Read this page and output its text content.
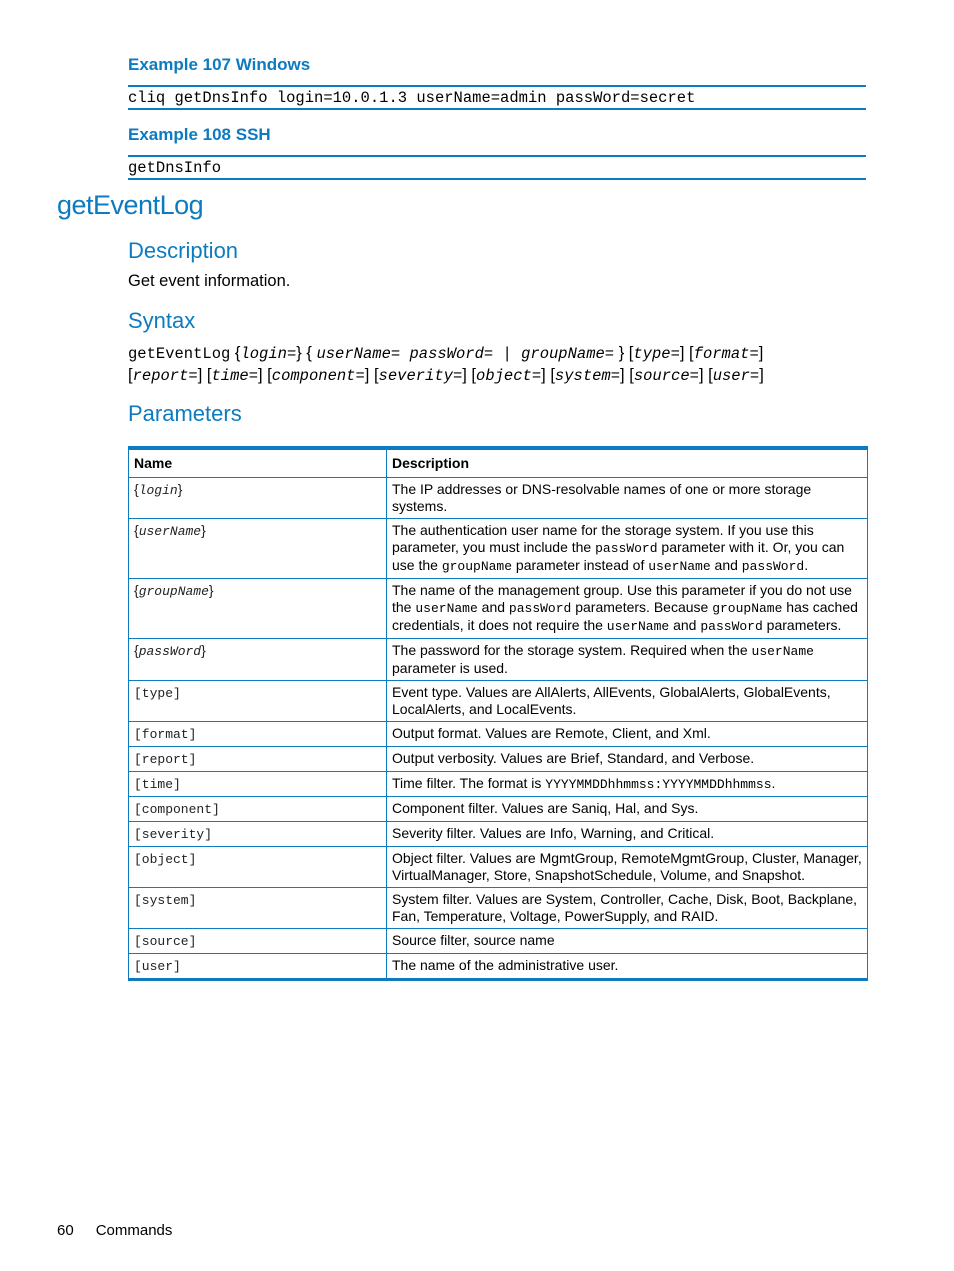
Example 107 Windows
cliq getDnsInfo login=10.0.1.3 userName=admin passWord=secret
Example 108 SSH
getDnsInfo
getEventLog
Description
Get event information.
Syntax
getEventLog {login=} { userName= passWord= | groupName= } [type=] [format=]
[report=] [time=] [component=] [severity=] [object=] [system=] [source=] [user=]
Parameters
Name	Description
{login}	The IP addresses or DNS-resolvable names of one or more storage systems.
{userName}	The authentication user name for the storage system. If you use this parameter, you must include the passWord parameter with it. Or, you can use the groupName parameter instead of userName and passWord.
{groupName}	The name of the management group. Use this parameter if you do not use the userName and passWord parameters. Because groupName has cached credentials, it does not require the userName and passWord parameters.
{passWord}	The password for the storage system. Required when the userName parameter is used.
[type]	Event type. Values are AllAlerts, AllEvents, GlobalAlerts, GlobalEvents, LocalAlerts, and LocalEvents.
[format]	Output format. Values are Remote, Client, and Xml.
[report]	Output verbosity. Values are Brief, Standard, and Verbose.
[time]	Time filter. The format is YYYYMMDDhhmmss:YYYYMMDDhhmmss.
[component]	Component filter. Values are Saniq, Hal, and Sys.
[severity]	Severity filter. Values are Info, Warning, and Critical.
[object]	Object filter. Values are MgmtGroup, RemoteMgmtGroup, Cluster, Manager, VirtualManager, Store, SnapshotSchedule, Volume, and Snapshot.
[system]	System filter. Values are System, Controller, Cache, Disk, Boot, Backplane, Fan, Temperature, Voltage, PowerSupply, and RAID.
[source]	Source filter, source name
[user]	The name of the administrative user.
60 Commands
